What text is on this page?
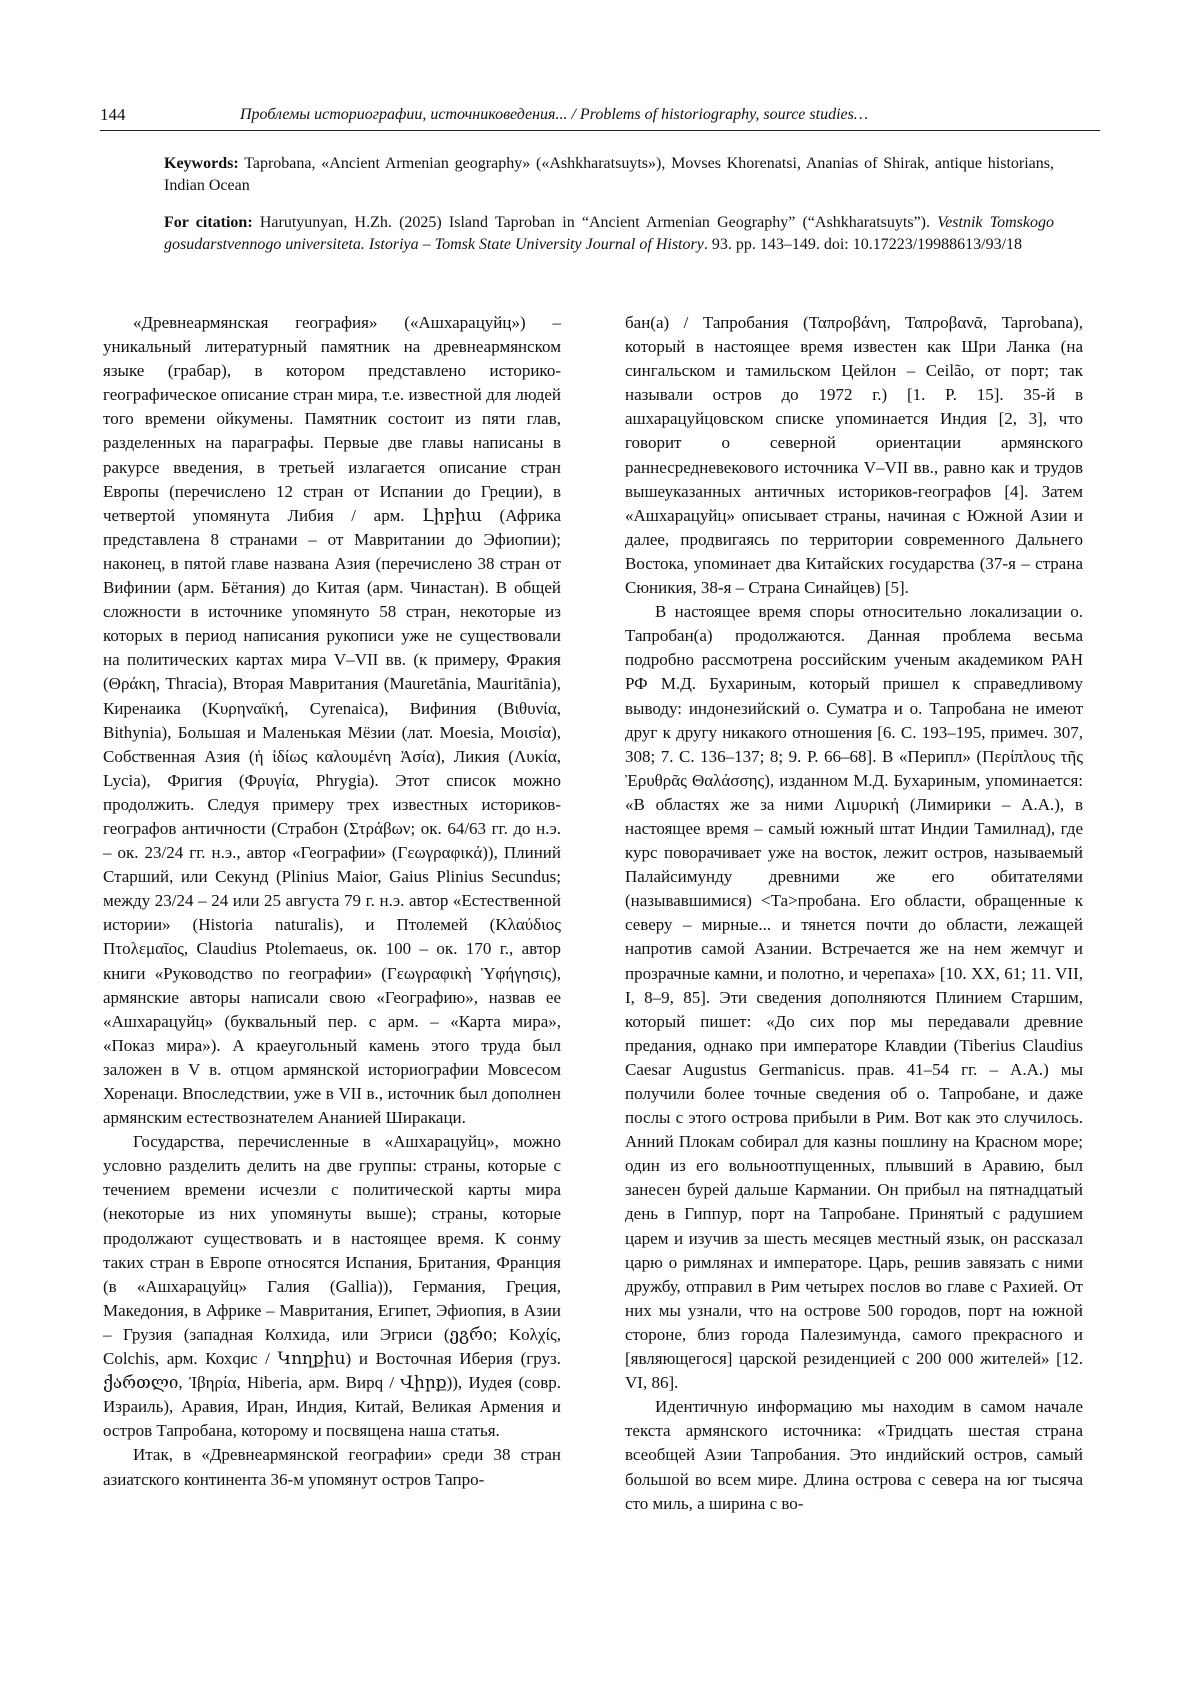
144	Проблемы историографии, источниковедения... / Problems of historiography, source studies…
Keywords: Taprobana, «Ancient Armenian geography» («Ashkharatsuyts»), Movses Khorenatsi, Ananias of Shirak, antique historians, Indian Ocean
For citation: Harutyunyan, H.Zh. (2025) Island Taproban in “Ancient Armenian Geography” (“Ashkharatsuyts”). Vestnik Tomskogo gosudarstvennogo universiteta. Istoriya – Tomsk State University Journal of History. 93. pp. 143–149. doi: 10.17223/19988613/93/18

«Древнеармянская география» («Ашхарацуйц») – уникальный литературный памятник на древнеармянском языке (грабар), в котором представлено историко-географическое описание стран мира, т.е. известной для людей того времени ойкумены. Памятник состоит из пяти глав, разделенных на параграфы. Первые две главы написаны в ракурсе введения, в третьей излагается описание стран Европы (перечислено 12 стран от Испании до Греции), в четвертой упомянута Либия / арм. Լիբիա (Африка представлена 8 странами – от Мавритании до Эфиопии); наконец, в пятой главе названа Азия (перечислено 38 стран от Вифинии (арм. Бётания) до Китая (арм. Чинастан). В общей сложности в источнике упомянуто 58 стран, некоторые из которых в период написания рукописи уже не существовали на политических картах мира V–VII вв. (к примеру, Фракия (Θράκη, Thracia), Вторая Мавритания (Mauretānia, Mauritānia), Киренаика (Κυρηναϊκή, Cyrenaica), Вифиния (Βιθυνία, Bithynia), Большая и Маленькая Мёзии (лат. Moesia, Μοισία), Собственная Азия (ἡ ἰδίως καλουμένη Ἀσία), Ликия (Λυκία, Lycia), Фригия (Φρυγία, Phrygia). Этот список можно продолжить. Следуя примеру трех известных историков-географов античности (Страбон (Στράβων; ок. 64/63 гг. до н.э. – ок. 23/24 гг. н.э., автор «Географии» (Γεωγραφικά)), Плиний Старший, или Секунд (Plinius Maior, Gaius Plinius Secundus; между 23/24 – 24 или 25 августа 79 г. н.э. автор «Естественной истории» (Historia naturalis), и Птолемей (Κλαύδιος Πτολεμαῖος, Claudius Ptolemaeus, ок. 100 – ок. 170 г., автор книги «Руководство по географии» (Γεωγραφικὴ Ὑφήγησις), армянские авторы написали свою «Географию», назвав ее «Ашхарацуйц» (буквальный пер. с арм. – «Карта мира», «Показ мира»). А краеугольный камень этого труда был заложен в V в. отцом армянской историографии Мовсесом Хоренаци. Впоследствии, уже в VII в., источник был дополнен армянским естествознателем Ананией Ширакаци.

Государства, перечисленные в «Ашхарацуйц», можно условно разделить делить на две группы: страны, которые с течением времени исчезли с политической карты мира (некоторые из них упомянуты выше); страны, которые продолжают существовать и в настоящее время. К сонму таких стран в Европе относятся Испания, Британия, Франция (в «Ашхарацуйц» Галия (Gallia)), Германия, Греция, Македония, в Африке – Мавритания, Египет, Эфиопия, в Азии – Грузия (западная Колхида, или Эгриси (ეგრი; Κολχίς, Colchis, арм. Кохqис / Կողքիս) и Восточная Иберия (груз. ქართლი, Ἰβηρία, Hiberia, арм. Вирq / Վիրք)), Иудея (совр. Израиль), Аравия, Иран, Индия, Китай, Великая Армения и остров Тапробана, которому и посвящена наша статья.

Итак, в «Древнеармянской географии» среди 38 стран азиатского континента 36-м упомянут остров Тапро-

бан(а) / Тапробания (Ταπροβάνη, Ταπροβανᾶ, Taprobana), который в настоящее время известен как Шри Ланка (на сингальском и тамильском Цейлон – Ceilão, от порт; так называли остров до 1972 г.) [1. P. 15]. 35-й в ашхарацуйцовском списке упоминается Индия [2, 3], что говорит о северной ориентации армянского раннесредневекового источника V–VII вв., равно как и трудов вышеуказанных античных историков-географов [4]. Затем «Ашхарацуйц» описывает страны, начиная с Южной Азии и далее, продвигаясь по территории современного Дальнего Востока, упоминает два Китайских государства (37-я – страна Сюникия, 38-я – Страна Синайцев) [5].

В настоящее время споры относительно локализации о. Тапробан(а) продолжаются. Данная проблема весьма подробно рассмотрена российским ученым академиком РАН РФ М.Д. Бухариным, который пришел к справедливому выводу: индонезийский о. Суматра и о. Тапробана не имеют друг к другу никакого отношения [6. С. 193–195, примеч. 307, 308; 7. С. 136–137; 8; 9. Р. 66–68]. В «Перипл» (Περίπλους τῆς Ἐρυθρᾶς Θαλάσσης), изданном М.Д. Бухариным, упоминается: «В областях же за ними Λιμυρική (Лимирики – А.А.), в настоящее время – самый южный штат Индии Тамилнад), где курс поворачивает уже на восток, лежит остров, называемый Палайсимунду древними же его обитателями (называвшимися) <Та>пробана. Его области, обращенные к северу – мирные... и тянется почти до области, лежащей напротив самой Азании. Встречается же на нем жемчуг и прозрачные камни, и полотно, и черепаха» [10. XX, 61; 11. VII, I, 8–9, 85]. Эти сведения дополняются Плинием Старшим, который пишет: «До сих пор мы передавали древние предания, однако при императоре Клавдии (Tiberius Claudius Caesar Augustus Germanicus. прав. 41–54 гг. – А.А.) мы получили более точные сведения об о. Тапробане, и даже послы с этого острова прибыли в Рим. Вот как это случилось. Анний Плокам собирал для казны пошлину на Красном море; один из его вольноотпущенных, плывший в Аравию, был занесен бурей дальше Кармании. Он прибыл на пятнадцатый день в Гиппур, порт на Тапробане. Принятый с радушием царем и изучив за шесть месяцев местный язык, он рассказал царю о римлянах и императоре. Царь, решив завязать с ними дружбу, отправил в Рим четырех послов во главе с Рахией. От них мы узнали, что на острове 500 городов, порт на южной стороне, близ города Палезимунда, самого прекрасного и [являющегося] царской резиденцией с 200 000 жителей» [12. VI, 86].

Идентичную информацию мы находим в самом начале текста армянского источника: «Тридцать шестая страна всеобщей Азии Тапробания. Это индийский остров, самый большой во всем мире. Длина острова с севера на юг тысяча сто миль, а ширина с во-
